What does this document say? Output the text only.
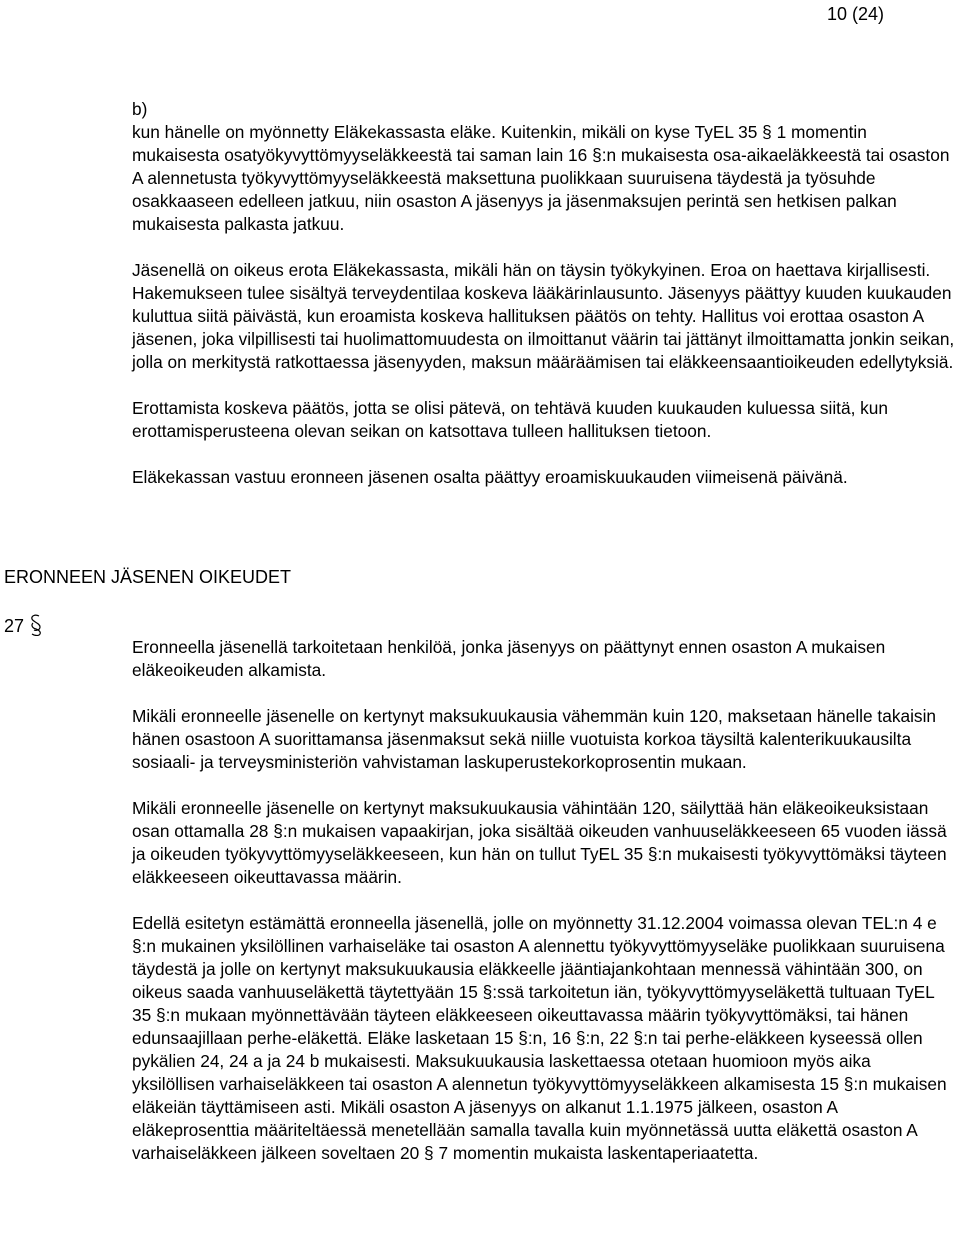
10 (24)

b)

kun hänelle on myönnetty Eläkekassasta eläke. Kuitenkin, mikäli on kyse TyEL 35 § 1 momentin mukaisesta osatyökyvyttömyyseläkkeestä tai saman lain 16 §:n mukaisesta osa-aikaeläkkeestä tai osaston A alennetusta työkyvyttömyyseläkkeestä maksettuna puolikkaan suuruisena täydestä ja työsuhde osakkaaseen edelleen jatkuu, niin osaston A jäsenyys ja jäsenmaksujen perintä sen hetkisen palkan mukaisesta palkasta jatkuu.

Jäsenellä on oikeus erota Eläkekassasta, mikäli hän on täysin työkykyinen. Eroa on haettava kirjallisesti. Hakemukseen tulee sisältyä terveydentilaa koskeva lääkärinlausunto. Jäsenyys päättyy kuuden kuukauden kuluttua siitä päivästä, kun eroamista koskeva hallituksen päätös on tehty. Hallitus voi erottaa osaston A jäsenen, joka vilpillisesti tai huolimattomuudesta on ilmoittanut väärin tai jättänyt ilmoittamatta jonkin seikan, jolla on merkitystä ratkottaessa jäsenyyden, maksun määräämisen tai eläkkeensaantioikeuden edellytyksiä.

Erottamista koskeva päätös, jotta se olisi pätevä, on tehtävä kuuden kuukauden kuluessa siitä, kun erottamisperusteena olevan seikan on katsottava tulleen hallituksen tietoon.

Eläkekassan vastuu eronneen jäsenen osalta päättyy eroamiskuukauden viimeisenä päivänä.

ERONNEEN JÄSENEN OIKEUDET
27

Eronneella jäsenellä tarkoitetaan henkilöä, jonka jäsenyys on päättynyt ennen osaston A mukaisen eläkeoikeuden alkamista.

Mikäli eronneelle jäsenelle on kertynyt maksukuukausia vähemmän kuin 120, maksetaan hänelle takaisin hänen osastoon A suorittamansa jäsenmaksut sekä niille vuotuista korkoa täysiltä kalenterikuukausilta sosiaali- ja terveysministeriön vahvistaman laskuperustekorkoprosentin mukaan.

Mikäli eronneelle jäsenelle on kertynyt maksukuukausia vähintään 120, säilyttää hän eläkeoikeuksistaan osan ottamalla 28 §:n mukaisen vapaakirjan, joka sisältää oikeuden vanhuuseläkkeeseen 65 vuoden iässä ja oikeuden työkyvyttömyyseläkkeeseen, kun hän on tullut TyEL 35 §:n mukaisesti työkyvyttömäksi täyteen eläkkeeseen oikeuttavassa määrin.

Edellä esitetyn estämättä eronneella jäsenellä, jolle on myönnetty 31.12.2004 voimassa olevan TEL:n 4 e §:n mukainen yksilöllinen varhaiseläke tai osaston A alennettu työkyvyttömyyseläke puolikkaan suuruisena täydestä ja jolle on kertynyt maksukuukausia eläkkeelle jääntiajankohtaan mennessä vähintään 300, on oikeus saada vanhuuseläkettä täytettyään 15 §:ssä tarkoitetun iän, työkyvyttömyyseläkettä tultuaan TyEL 35 §:n mukaan myönnettävään täyteen eläkkeeseen oikeuttavassa määrin työkyvyttömäksi, tai hänen edunsaajillaan perhe-eläkettä. Eläke lasketaan 15 §:n, 16 §:n, 22 §:n tai perhe-eläkkeen kyseessä ollen pykälien 24, 24 a ja 24 b mukaisesti. Maksukuukausia laskettaessa otetaan huomioon myös aika yksilöllisen varhaiseläkkeen tai osaston A alennetun työkyvyttömyyseläkkeen alkamisesta 15 §:n mukaisen eläkeiän täyttämiseen asti. Mikäli osaston A jäsenyys on alkanut 1.1.1975 jälkeen, osaston A eläkeprosenttia määriteltäessä menetellään samalla tavalla kuin myönnetässä uutta eläkettä osaston A varhaiseläkkeen jälkeen soveltaen 20 § 7 momentin mukaista laskentaperiaatetta.
